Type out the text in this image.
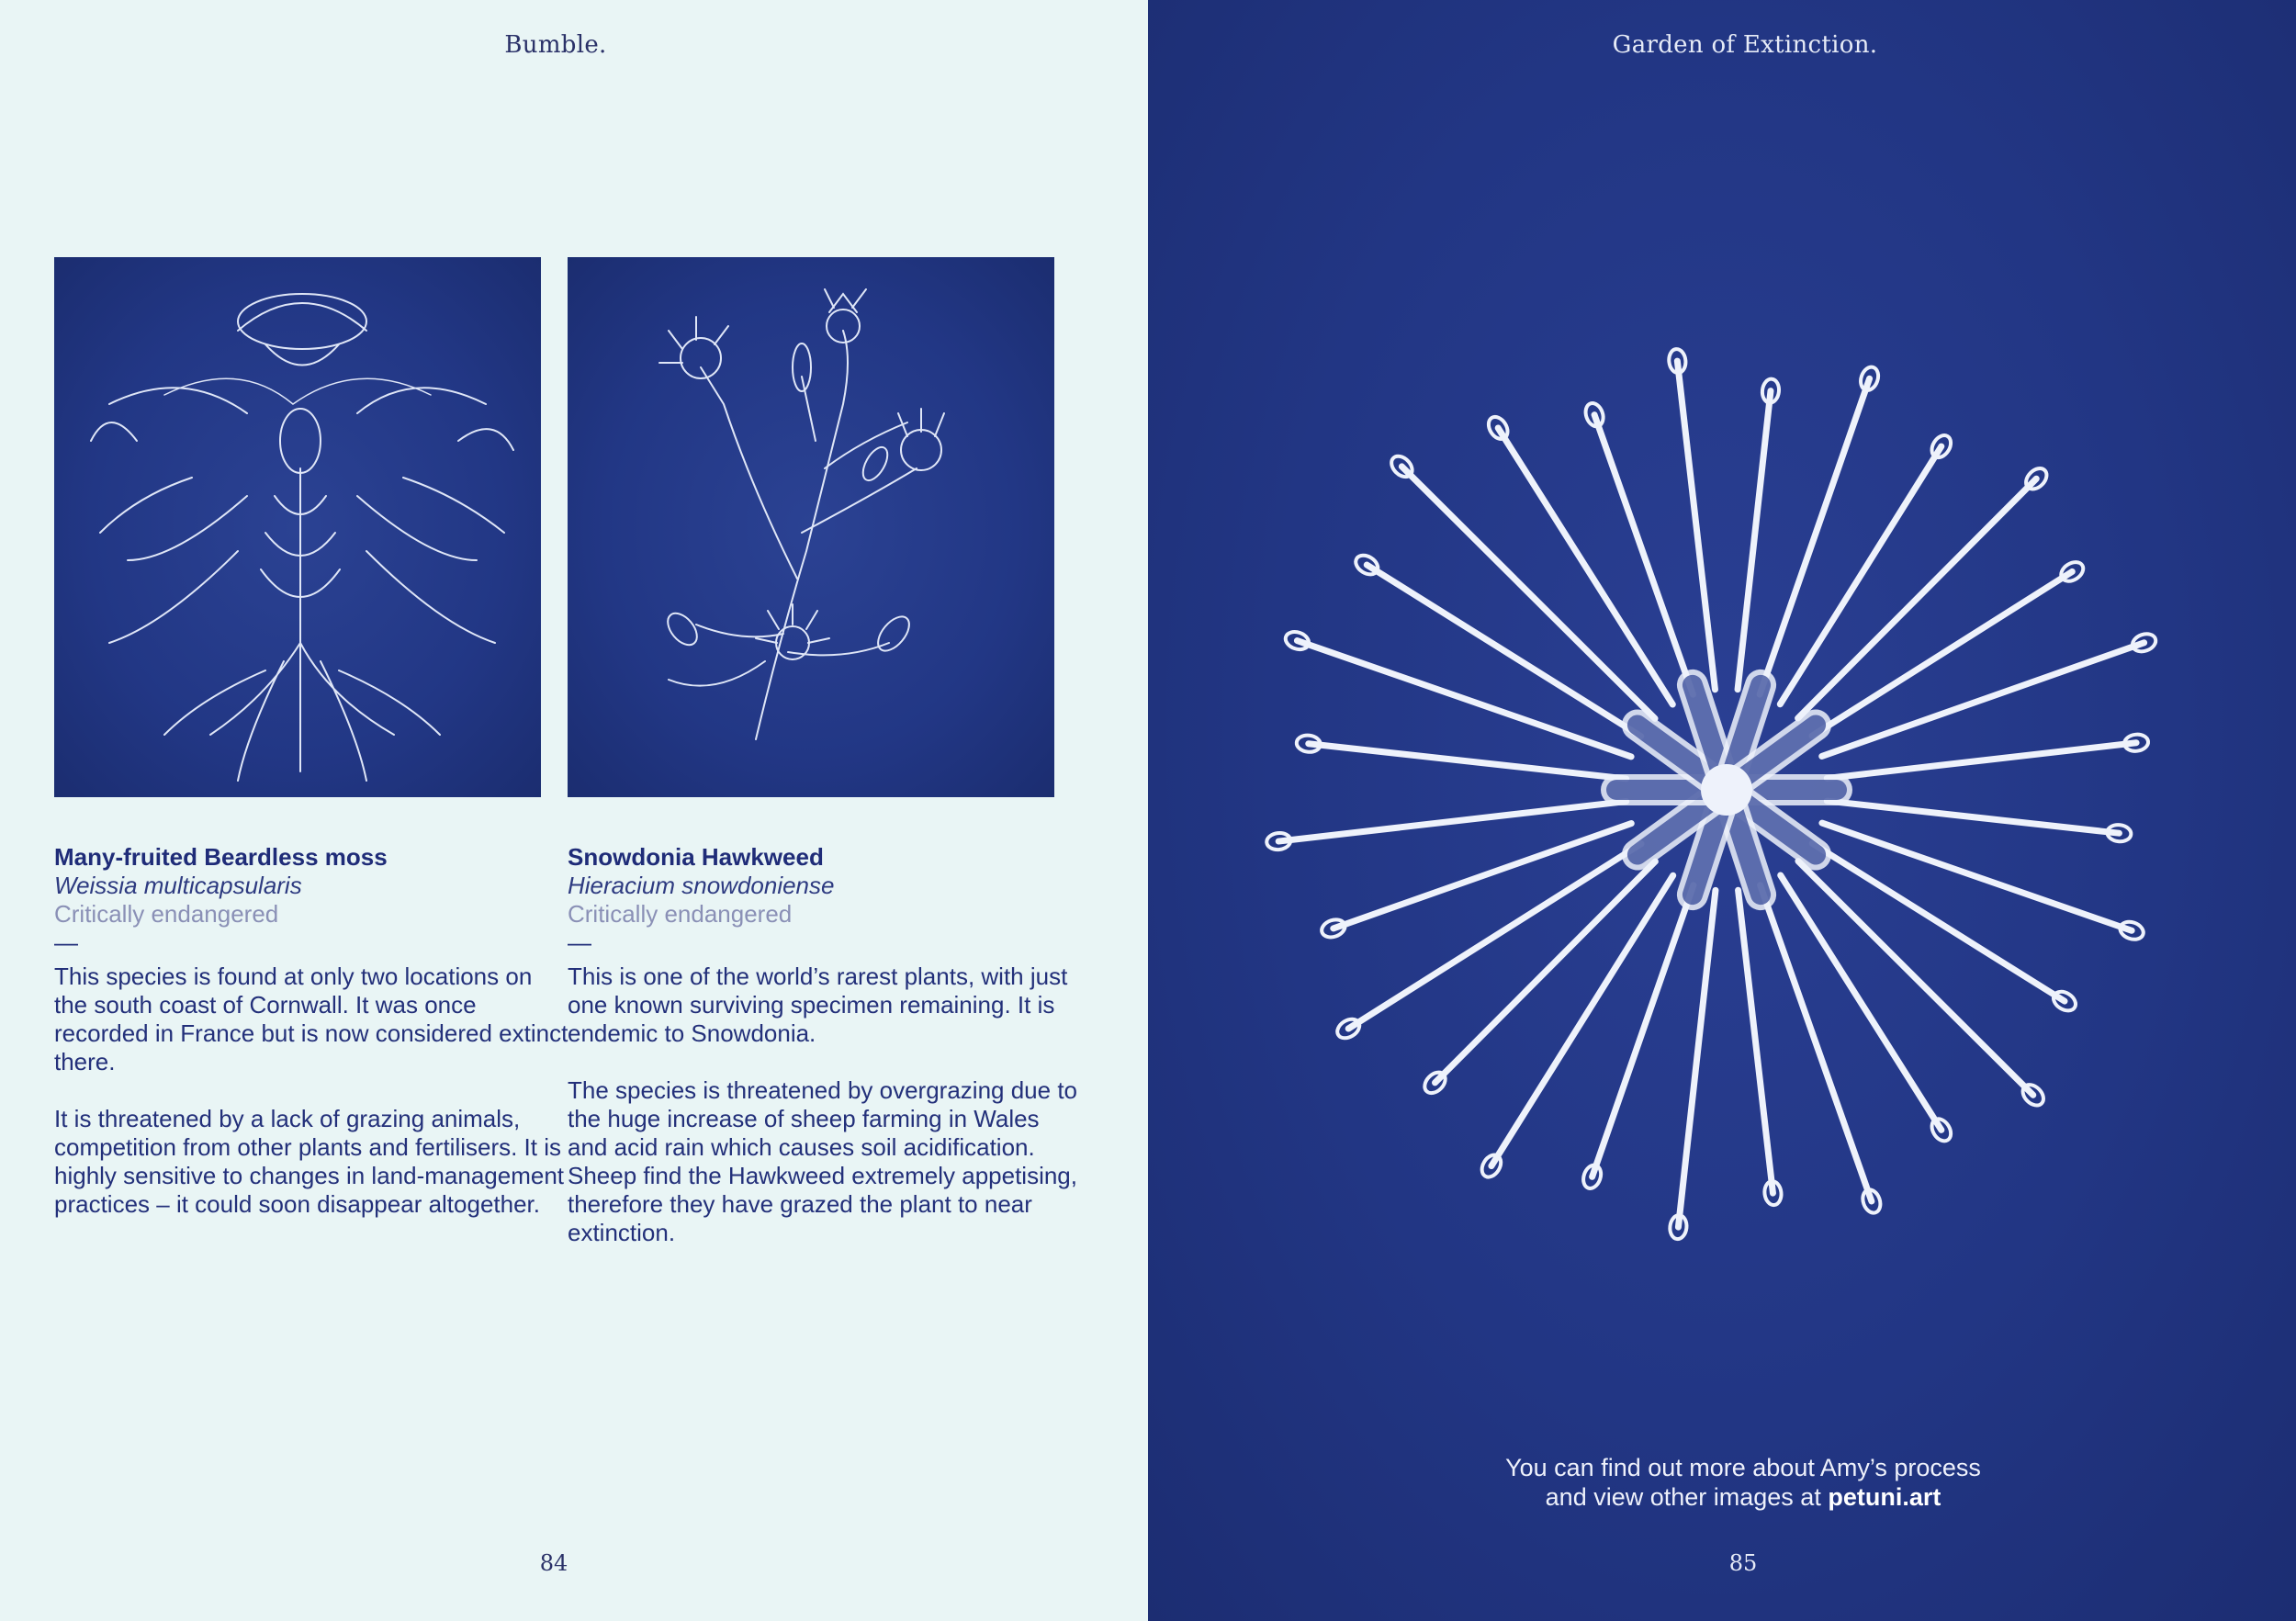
Bumble.
Many-fruited Beardless moss
Weissia multicapsularis
Critically endangered
—

This species is found at only two locations on the south coast of Cornwall. It was once recorded in France but is now considered extinct there.

It is threatened by a lack of grazing animals, competition from other plants and fertilisers. It is highly sensitive to changes in land-management practices – it could soon disappear altogether.

Snowdonia Hawkweed
Hieracium snowdoniense
Critically endangered
—

This is one of the world’s rarest plants, with just one known surviving specimen remaining. It is endemic to Snowdonia.

The species is threatened by overgrazing due to the huge increase of sheep farming in Wales and acid rain which causes soil acidification. Sheep find the Hawkweed extremely appetising, therefore they have grazed the plant to near extinction.

84
Garden of Extinction.
You can find out more about Amy’s process
and view other images at petuni.art
85
